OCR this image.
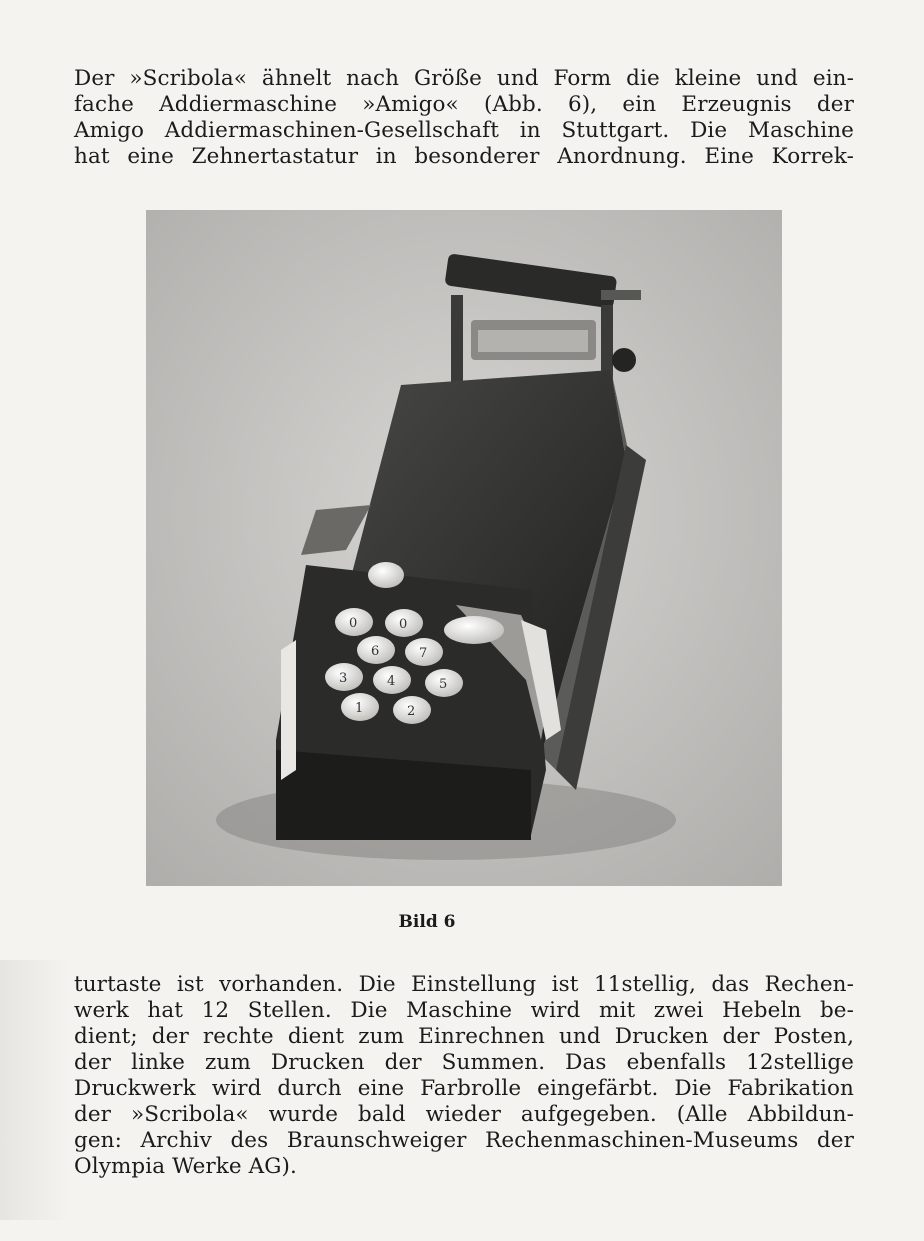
Der »Scribola« ähnelt nach Größe und Form die kleine und ein-
fache Addiermaschine »Amigo« (Abb. 6), ein Erzeugnis der
Amigo Addiermaschinen-Gesellschaft in Stuttgart. Die Maschine
hat eine Zehnertastatur in besonderer Anordnung. Eine Korrek-
0	0
6	7
3	4	5
1	2
Bild 6
turtaste ist vorhanden. Die Einstellung ist 11stellig, das Rechen-
werk hat 12 Stellen. Die Maschine wird mit zwei Hebeln be-
dient; der rechte dient zum Einrechnen und Drucken der Posten,
der linke zum Drucken der Summen. Das ebenfalls 12stellige
Druckwerk wird durch eine Farbrolle eingefärbt. Die Fabrikation
der »Scribola« wurde bald wieder aufgegeben. (Alle Abbildun-
gen: Archiv des Braunschweiger Rechenmaschinen-Museums der
Olympia Werke AG).
